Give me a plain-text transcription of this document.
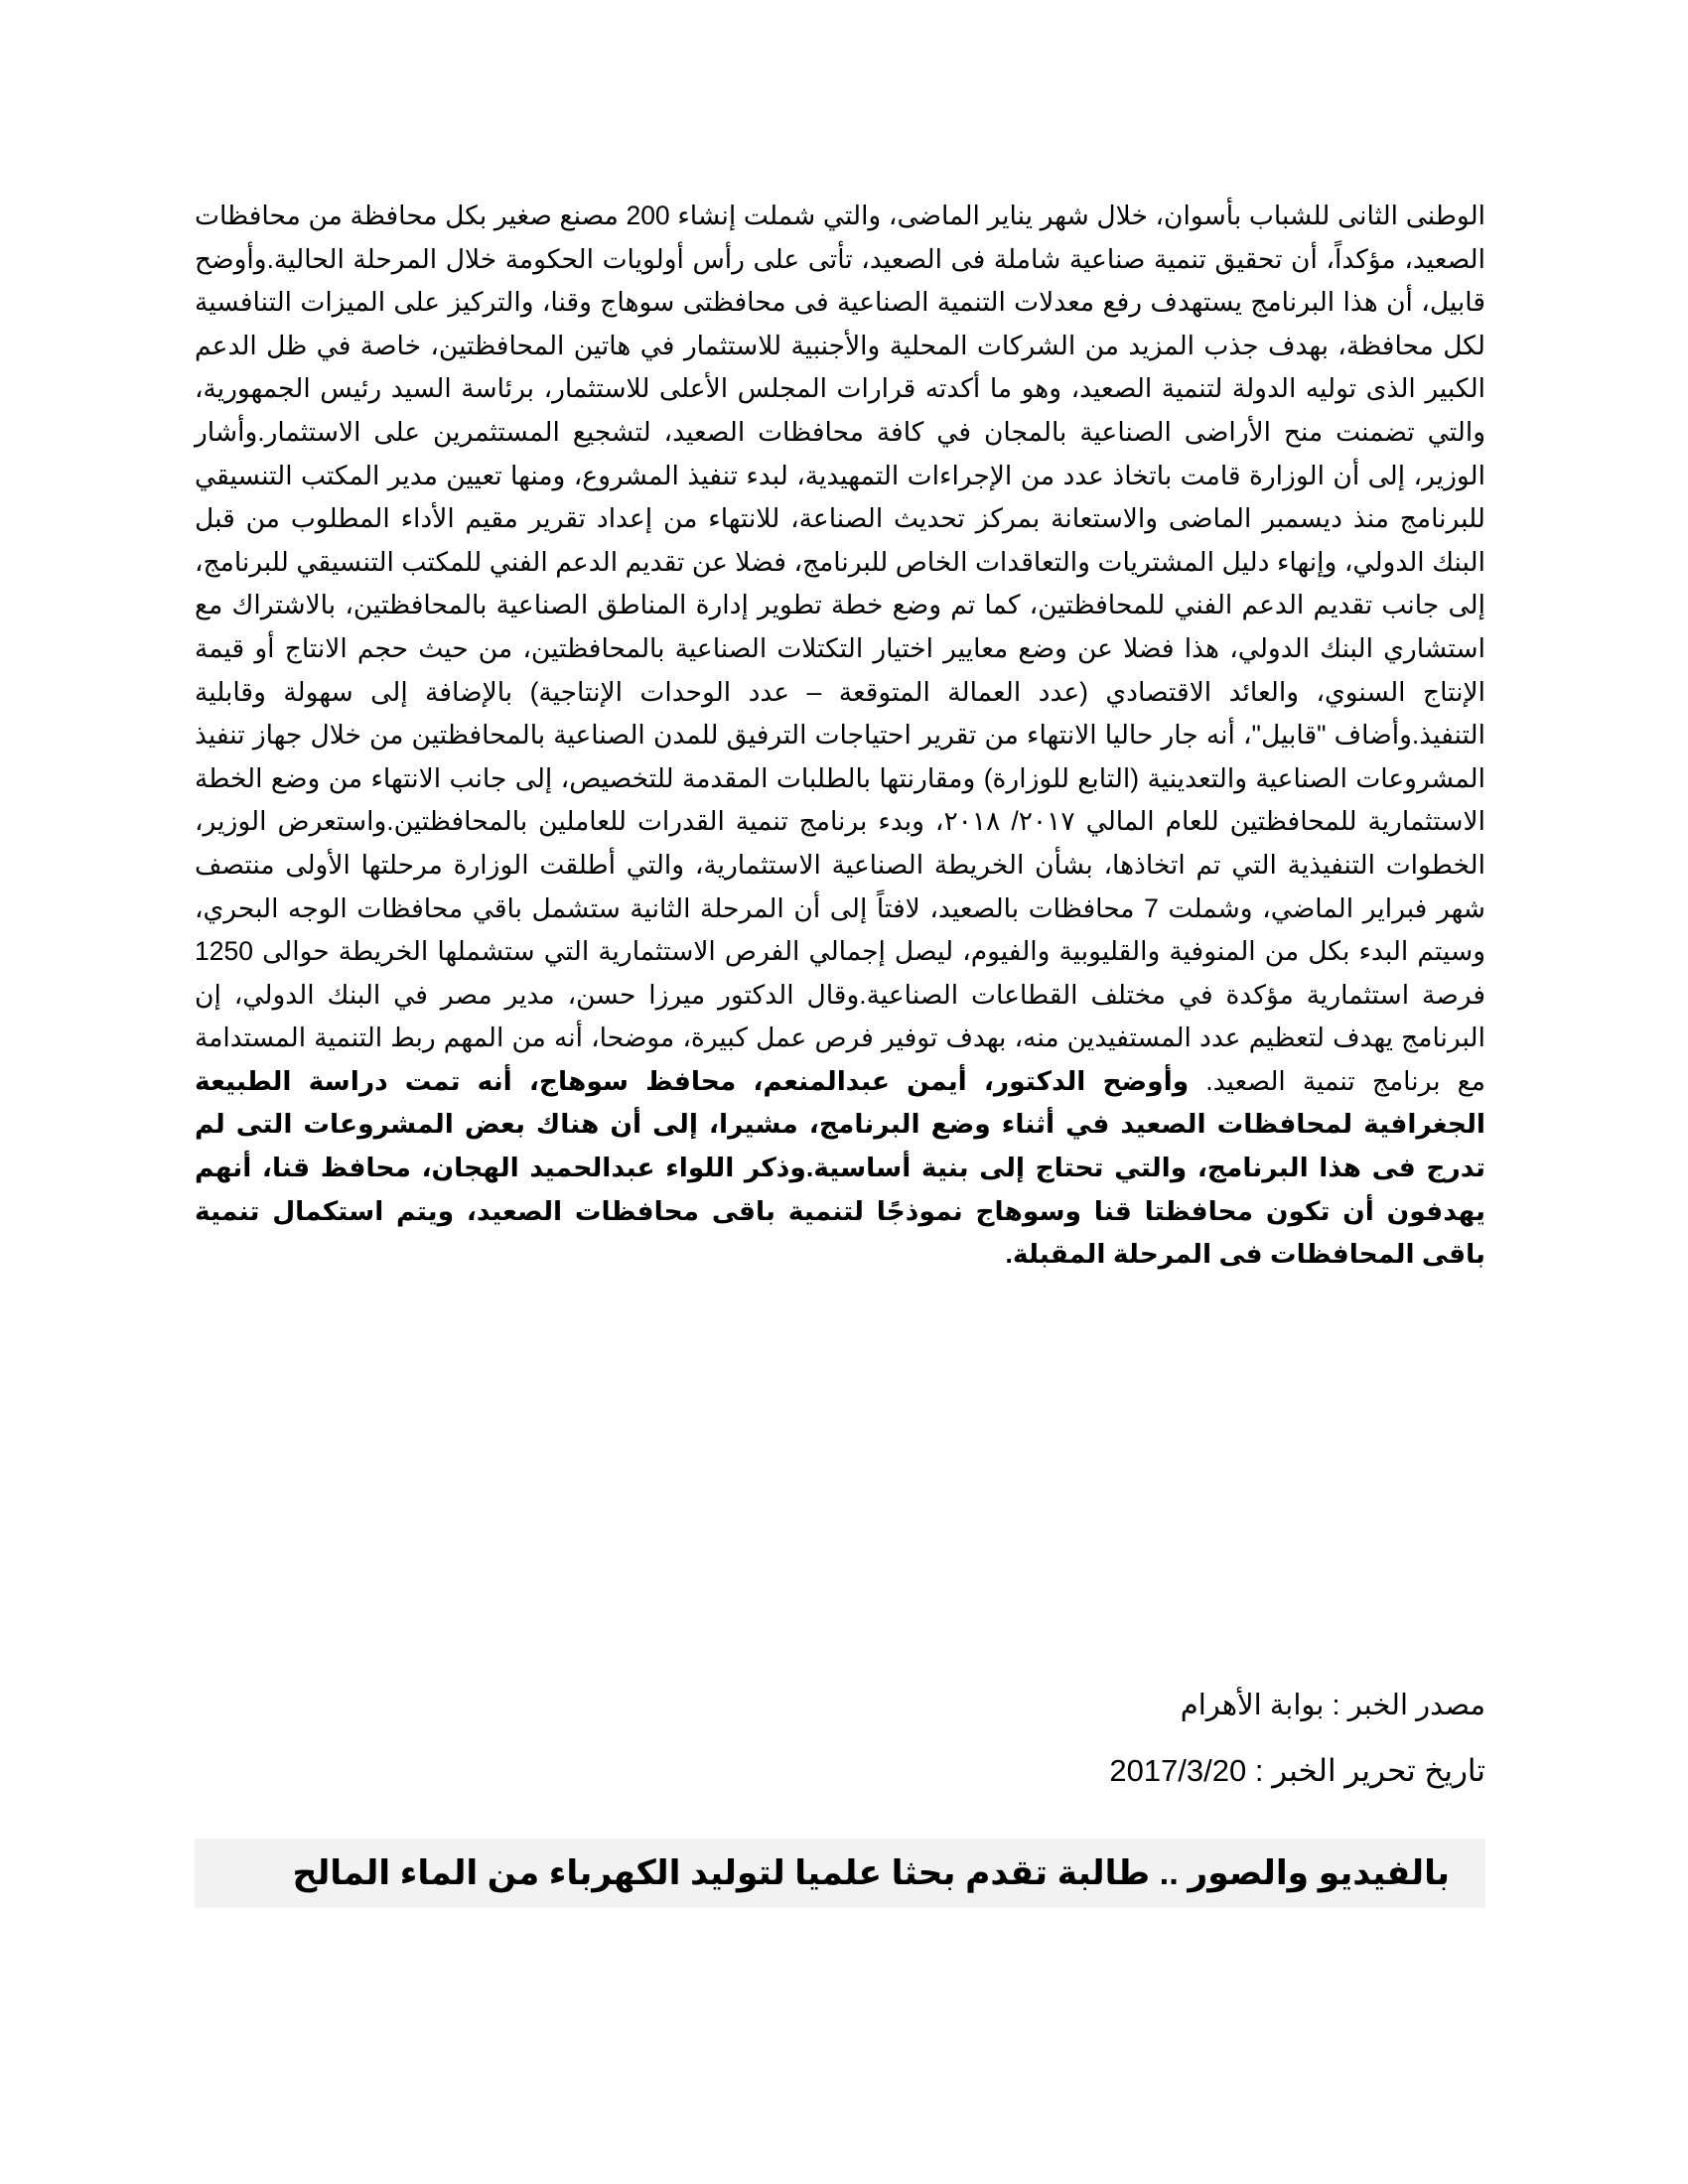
الوطنى الثانى للشباب بأسوان، خلال شهر يناير الماضى، والتي شملت إنشاء 200 مصنع صغير بكل محافظة من محافظات الصعيد، مؤكداً، أن تحقيق تنمية صناعية شاملة فى الصعيد، تأتى على رأس أولويات الحكومة خلال المرحلة الحالية.وأوضح قابيل، أن هذا البرنامج يستهدف رفع معدلات التنمية الصناعية فى محافظتى سوهاج وقنا، والتركيز على الميزات التنافسية لكل محافظة، بهدف جذب المزيد من الشركات المحلية والأجنبية للاستثمار في هاتين المحافظتين، خاصة في ظل الدعم الكبير الذى توليه الدولة لتنمية الصعيد، وهو ما أكدته قرارات المجلس الأعلى للاستثمار، برئاسة السيد رئيس الجمهورية، والتي تضمنت منح الأراضى الصناعية بالمجان في كافة محافظات الصعيد، لتشجيع المستثمرين على الاستثمار.وأشار الوزير، إلى أن الوزارة قامت باتخاذ عدد من الإجراءات التمهيدية، لبدء تنفيذ المشروع، ومنها تعيين مدير المكتب التنسيقي للبرنامج منذ ديسمبر الماضى والاستعانة بمركز تحديث الصناعة، للانتهاء من إعداد تقرير مقيم الأداء المطلوب من قبل البنك الدولي، وإنهاء دليل المشتريات والتعاقدات الخاص للبرنامج، فضلا عن تقديم الدعم الفني للمكتب التنسيقي للبرنامج، إلى جانب تقديم الدعم الفني للمحافظتين، كما تم وضع خطة تطوير إدارة المناطق الصناعية بالمحافظتين، بالاشتراك مع استشاري البنك الدولي، هذا فضلا عن وضع معايير اختيار التكتلات الصناعية بالمحافظتين، من حيث حجم الانتاج أو قيمة الإنتاج السنوي، والعائد الاقتصادي (عدد العمالة المتوقعة – عدد الوحدات الإنتاجية) بالإضافة إلى سهولة وقابلية التنفيذ.وأضاف "قابيل"، أنه جار حاليا الانتهاء من تقرير احتياجات الترفيق للمدن الصناعية بالمحافظتين من خلال جهاز تنفيذ المشروعات الصناعية والتعدينية (التابع للوزارة) ومقارنتها بالطلبات المقدمة للتخصيص، إلى جانب الانتهاء من وضع الخطة الاستثمارية للمحافظتين للعام المالي ٢٠١٧/ ٢٠١٨، وبدء برنامج تنمية القدرات للعاملين بالمحافظتين.واستعرض الوزير، الخطوات التنفيذية التي تم اتخاذها، بشأن الخريطة الصناعية الاستثمارية، والتي أطلقت الوزارة مرحلتها الأولى منتصف شهر فبراير الماضي، وشملت 7 محافظات بالصعيد، لافتاً إلى أن المرحلة الثانية ستشمل باقي محافظات الوجه البحري، وسيتم البدء بكل من المنوفية والقليوبية والفيوم، ليصل إجمالي الفرص الاستثمارية التي ستشملها الخريطة حوالى 1250 فرصة استثمارية مؤكدة في مختلف القطاعات الصناعية.وقال الدكتور ميرزا حسن، مدير مصر في البنك الدولي، إن البرنامج يهدف لتعظيم عدد المستفيدين منه، بهدف توفير فرص عمل كبيرة، موضحا، أنه من المهم ربط التنمية المستدامة مع برنامج تنمية الصعيد. وأوضح الدكتور، أيمن عبدالمنعم، محافظ سوهاج، أنه تمت دراسة الطبيعة الجغرافية لمحافظات الصعيد في أثناء وضع البرنامج، مشيرا، إلى أن هناك بعض المشروعات التى لم تدرج فى هذا البرنامج، والتي تحتاج إلى بنية أساسية.وذكر اللواء عبدالحميد الهجان، محافظ قنا، أنهم يهدفون أن تكون محافظتا قنا وسوهاج نموذجًا لتنمية باقى محافظات الصعيد، ويتم استكمال تنمية باقى المحافظات فى المرحلة المقبلة.

مصدر الخبر : بوابة الأهرام
تاريخ تحرير الخبر : 2017/3/20
بالفيديو والصور .. طالبة تقدم بحثا علميا لتوليد الكهرباء من الماء المالح
